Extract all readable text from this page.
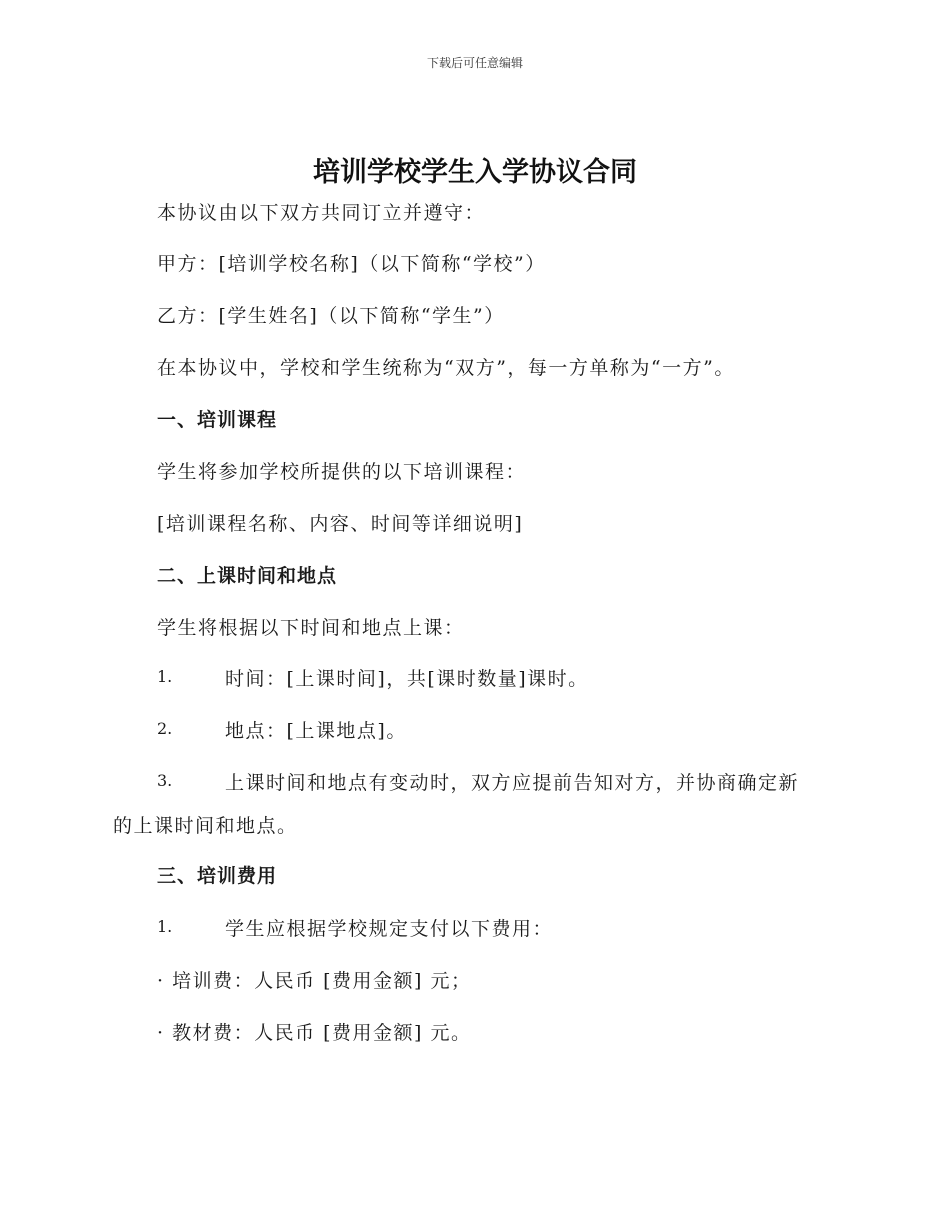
下载后可任意编辑
培训学校学生入学协议合同
本协议由以下双方共同订立并遵守：
甲方：[培训学校名称]（以下简称“学校”）
乙方：[学生姓名]（以下简称“学生”）
在本协议中，学校和学生统称为“双方”，每一方单称为“一方”。
一、培训课程
学生将参加学校所提供的以下培训课程：
[培训课程名称、内容、时间等详细说明]
二、上课时间和地点
学生将根据以下时间和地点上课：
1.	时间：[上课时间]，共[课时数量]课时。
2.	地点：[上课地点]。
3.	上课时间和地点有变动时，双方应提前告知对方，并协商确定新
的上课时间和地点。
三、培训费用
1.	学生应根据学校规定支付以下费用：
· 培训费：人民币 [费用金额] 元；
· 教材费：人民币 [费用金额] 元。
